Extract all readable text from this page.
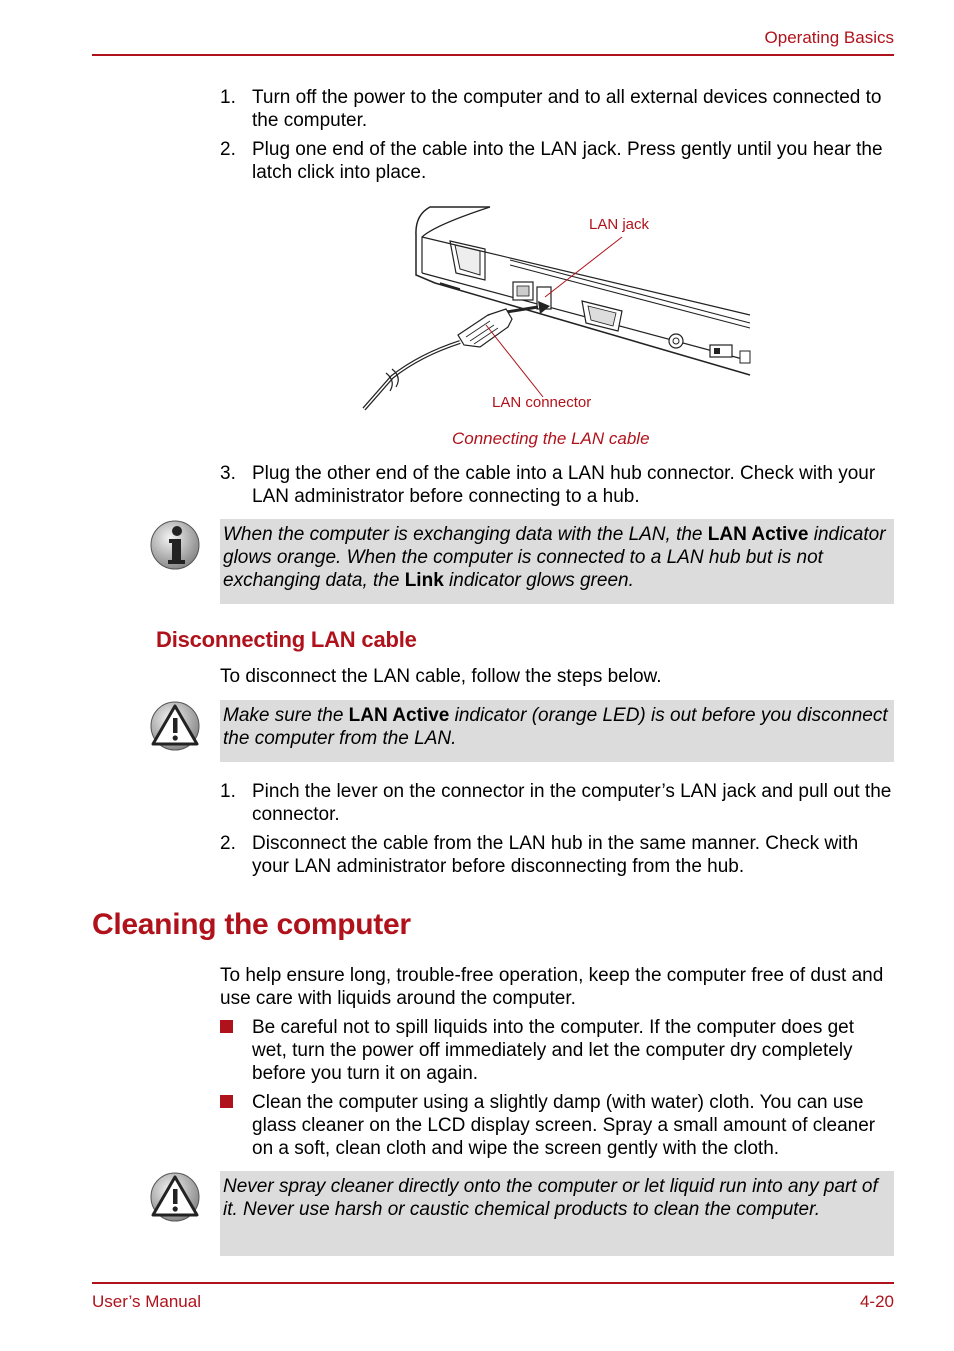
Operating Basics
1. Turn off the power to the computer and to all external devices connected to the computer.
2. Plug one end of the cable into the LAN jack. Press gently until you hear the latch click into place.
LAN jack
LAN connector
Connecting the LAN cable
3. Plug the other end of the cable into a LAN hub connector. Check with your LAN administrator before connecting to a hub.
When the computer is exchanging data with the LAN, the LAN Active indicator glows orange. When the computer is connected to a LAN hub but is not exchanging data, the Link indicator glows green.
Disconnecting LAN cable
To disconnect the LAN cable, follow the steps below.
Make sure the LAN Active indicator (orange LED) is out before you disconnect the computer from the LAN.
1. Pinch the lever on the connector in the computer’s LAN jack and pull out the connector.
2. Disconnect the cable from the LAN hub in the same manner. Check with your LAN administrator before disconnecting from the hub.
Cleaning the computer
To help ensure long, trouble-free operation, keep the computer free of dust and use care with liquids around the computer.
Be careful not to spill liquids into the computer. If the computer does get wet, turn the power off immediately and let the computer dry completely before you turn it on again.
Clean the computer using a slightly damp (with water) cloth. You can use glass cleaner on the LCD display screen. Spray a small amount of cleaner on a soft, clean cloth and wipe the screen gently with the cloth.
Never spray cleaner directly onto the computer or let liquid run into any part of it. Never use harsh or caustic chemical products to clean the computer.
User’s Manual	4-20
